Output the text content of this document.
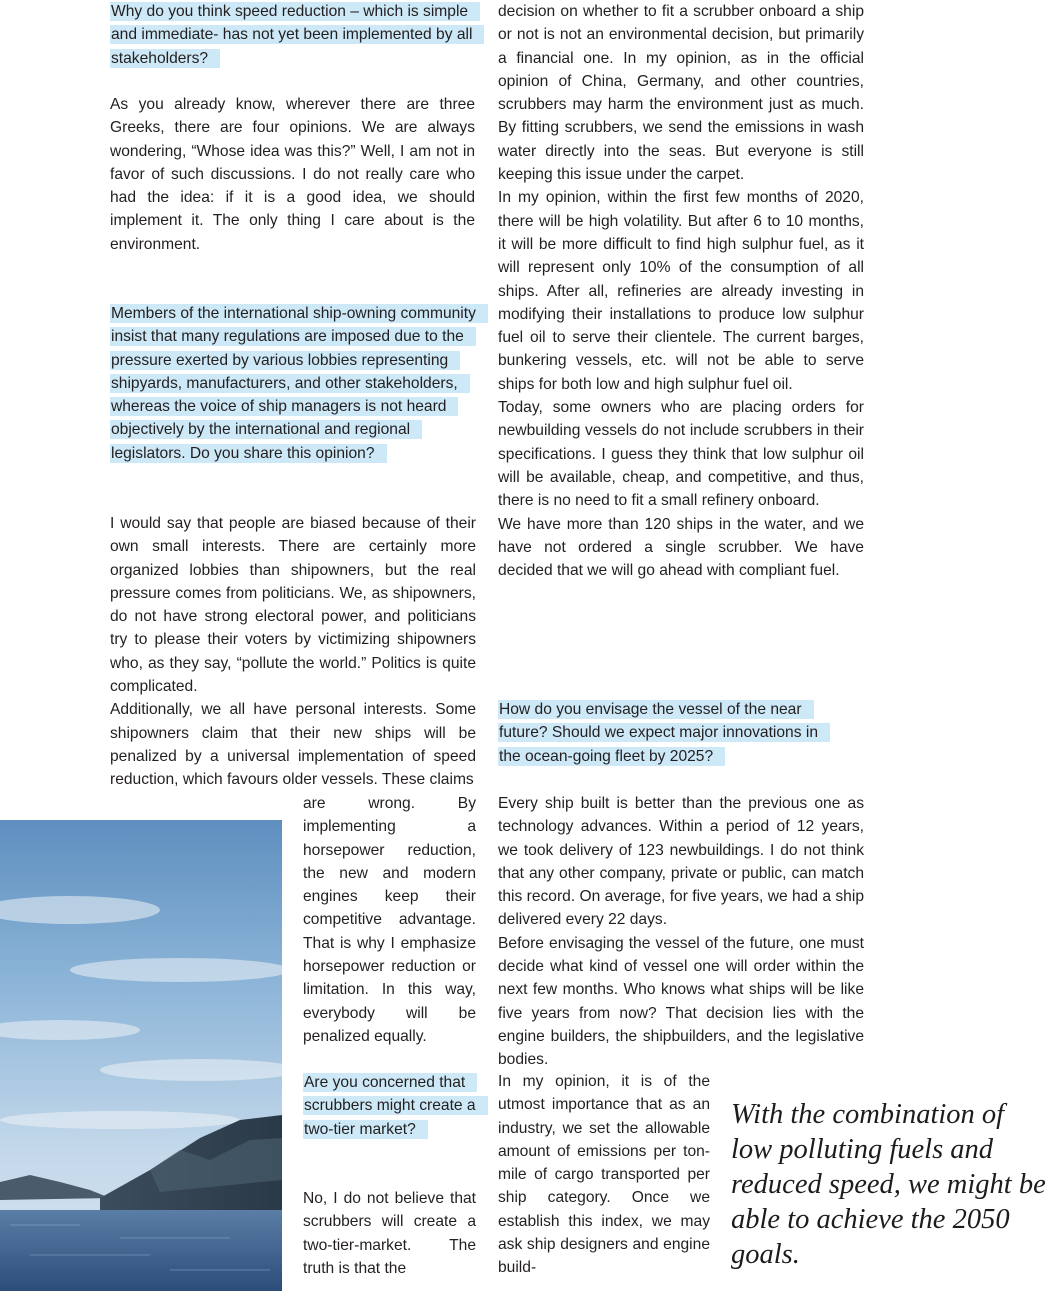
Why do you think speed reduction – which is simple and immediate- has not yet been implemented by all stakeholders?

As you already know, wherever there are three Greeks, there are four opinions. We are always wondering, “Whose idea was this?” Well, I am not in favor of such discussions. I do not really care who had the idea: if it is a good idea, we should implement it. The only thing I care about is the environment.

Members of the international ship-owning community insist that many regulations are imposed due to the pressure exerted by various lobbies representing shipyards, manufacturers, and other stakeholders, whereas the voice of ship managers is not heard objectively by the international and regional legislators. Do you share this opinion?

I would say that people are biased because of their own small interests. There are certainly more organized lobbies than shipowners, but the real pressure comes from politicians. We, as shipowners, do not have strong electoral power, and politicians try to please their voters by victimizing shipowners who, as they say, “pollute the world.” Politics is quite complicated.

Additionally, we all have personal interests. Some shipowners claim that their new ships will be penalized by a universal implementation of speed reduction, which favours older vessels. These claims

are wrong. By implementing a horsepower reduction, the new and modern engines keep their competitive advantage. That is why I emphasize horsepower reduction or limitation. In this way, everybody will be penalized equally.

Are you concerned that scrubbers might create a two-tier market?

No, I do not believe that scrubbers will create a two-tier-market. The truth is that the

decision on whether to fit a scrubber onboard a ship or not is not an environmental decision, but primarily a financial one. In my opinion, as in the official opinion of China, Germany, and other countries, scrubbers may harm the environment just as much. By fitting scrubbers, we send the emissions in wash water directly into the seas. But everyone is still keeping this issue under the carpet.

In my opinion, within the first few months of 2020, there will be high volatility. But after 6 to 10 months, it will be more difficult to find high sulphur fuel, as it will represent only 10% of the consumption of all ships. After all, refineries are already investing in modifying their installations to produce low sulphur fuel oil to serve their clientele. The current barges, bunkering vessels, etc. will not be able to serve ships for both low and high sulphur fuel oil.

Today, some owners who are placing orders for newbuilding vessels do not include scrubbers in their specifications. I guess they think that low sulphur oil will be available, cheap, and competitive, and thus, there is no need to fit a small refinery onboard.

We have more than 120 ships in the water, and we have not ordered a single scrubber. We have decided that we will go ahead with compliant fuel.

How do you envisage the vessel of the near future? Should we expect major innovations in the ocean-going fleet by 2025?

Every ship built is better than the previous one as technology advances. Within a period of 12 years, we took delivery of 123 newbuildings. I do not think that any other company, private or public, can match this record. On average, for five years, we had a ship delivered every 22 days.

Before envisaging the vessel of the future, one must decide what kind of vessel one will order within the next few months. Who knows what ships will be like five years from now? That decision lies with the engine builders, the shipbuilders, and the legislative bodies.

In my opinion, it is of the utmost importance that as an industry, we set the allowable amount of emissions per ton-mile of cargo transported per ship category. Once we establish this index, we may ask ship designers and engine build-

With the combination of low polluting fuels and reduced speed, we might be able to achieve the 2050 goals.
